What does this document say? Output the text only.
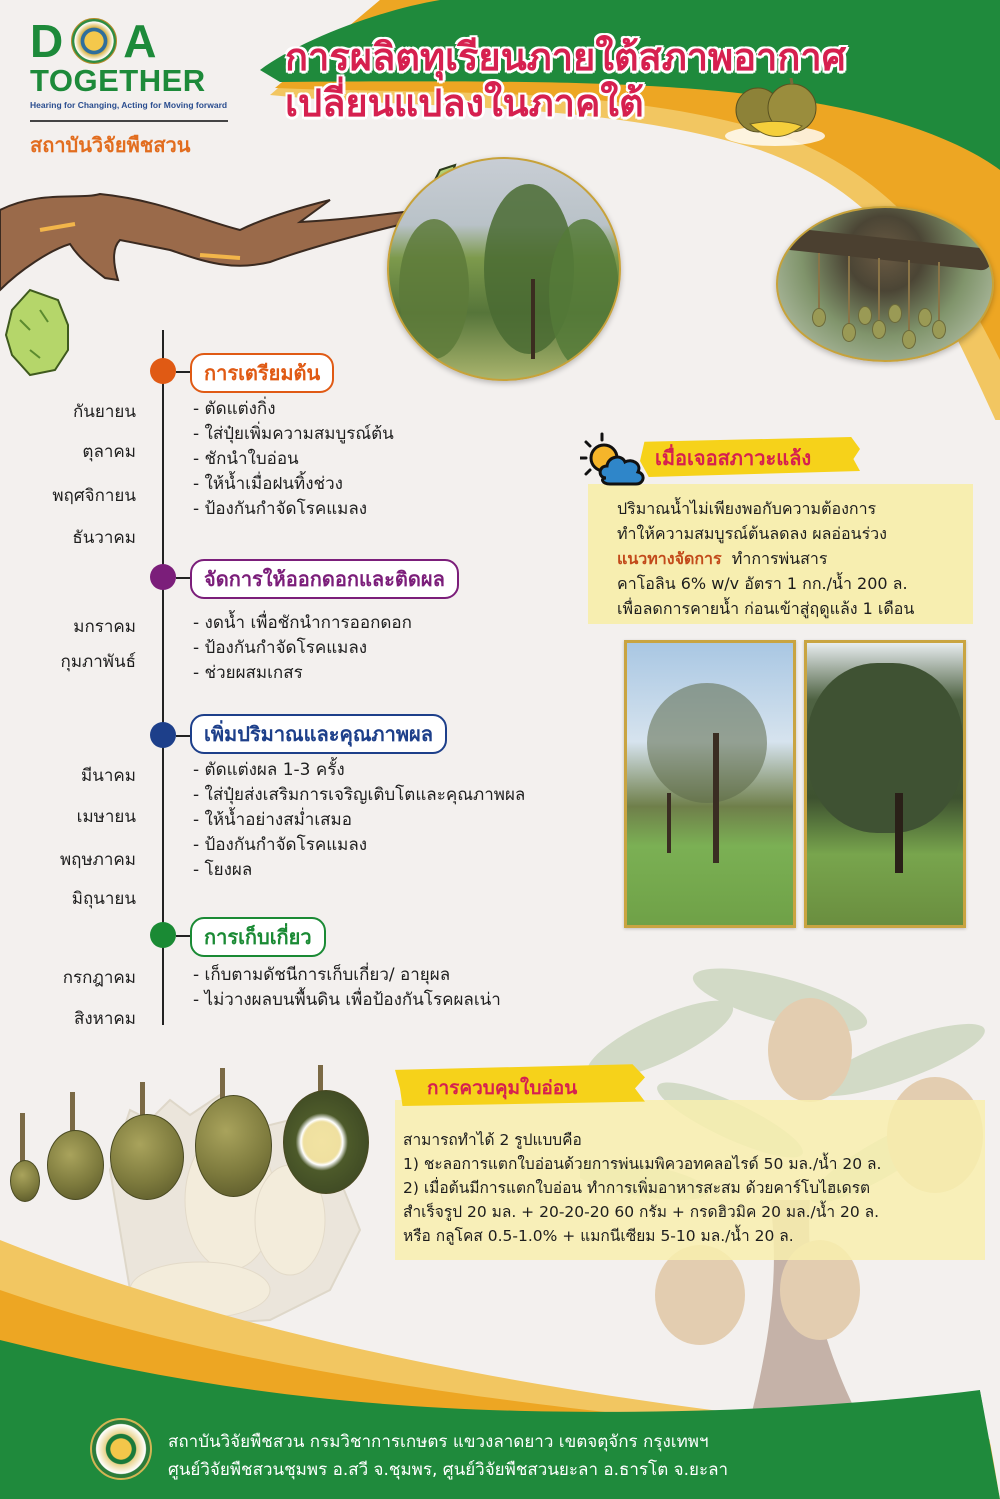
D A
TOGETHER
Hearing for Changing, Acting for Moving forward
สถาบันวิจัยพืชสวน
การผลิตทุเรียนภายใต้สภาพอากาศ
เปลี่ยนแปลงในภาคใต้
การเตรียมต้น
กันยายน
ตุลาคม
พฤศจิกายน
ธันวาคม
- ตัดแต่งกิ่ง
- ใส่ปุ๋ยเพิ่มความสมบูรณ์ต้น
- ชักนำใบอ่อน
- ให้น้ำเมื่อฝนทิ้งช่วง
- ป้องกันกำจัดโรคแมลง
จัดการให้ออกดอกและติดผล
มกราคม
กุมภาพันธ์
- งดน้ำ เพื่อชักนำการออกดอก
- ป้องกันกำจัดโรคแมลง
- ช่วยผสมเกสร
เพิ่มปริมาณและคุณภาพผล
มีนาคม
เมษายน
พฤษภาคม
มิถุนายน
- ตัดแต่งผล 1-3 ครั้ง
- ใส่ปุ๋ยส่งเสริมการเจริญเติบโตและคุณภาพผล
- ให้น้ำอย่างสม่ำเสมอ
- ป้องกันกำจัดโรคแมลง
- โยงผล
การเก็บเกี่ยว
กรกฎาคม
สิงหาคม
- เก็บตามดัชนีการเก็บเกี่ยว/ อายุผล
- ไม่วางผลบนพื้นดิน เพื่อป้องกันโรคผลเน่า
เมื่อเจอสภาวะแล้ง
ปริมาณน้ำไม่เพียงพอกับความต้องการ
ทำให้ความสมบูรณ์ต้นลดลง ผลอ่อนร่วง
แนวทางจัดการ ทำการพ่นสาร
คาโอลิน 6% w/v อัตรา 1 กก./น้ำ 200 ล.
เพื่อลดการคายน้ำ ก่อนเข้าสู่ฤดูแล้ง 1 เดือน
การควบคุมใบอ่อน
สามารถทำได้ 2 รูปแบบคือ
1) ชะลอการแตกใบอ่อนด้วยการพ่นเมพิควอทคลอไรด์ 50 มล./น้ำ 20 ล.
2) เมื่อต้นมีการแตกใบอ่อน ทำการเพิ่มอาหารสะสม ด้วยคาร์โบไฮเดรต
สำเร็จรูป 20 มล. + 20-20-20 60 กรัม + กรดฮิวมิค 20 มล./น้ำ 20 ล.
หรือ กลูโคส 0.5-1.0% + แมกนีเซียม 5-10 มล./น้ำ 20 ล.
สถาบันวิจัยพืชสวน กรมวิชาการเกษตร แขวงลาดยาว เขตจตุจักร กรุงเทพฯ
ศูนย์วิจัยพืชสวนชุมพร อ.สวี จ.ชุมพร, ศูนย์วิจัยพืชสวนยะลา อ.ธารโต จ.ยะลา
